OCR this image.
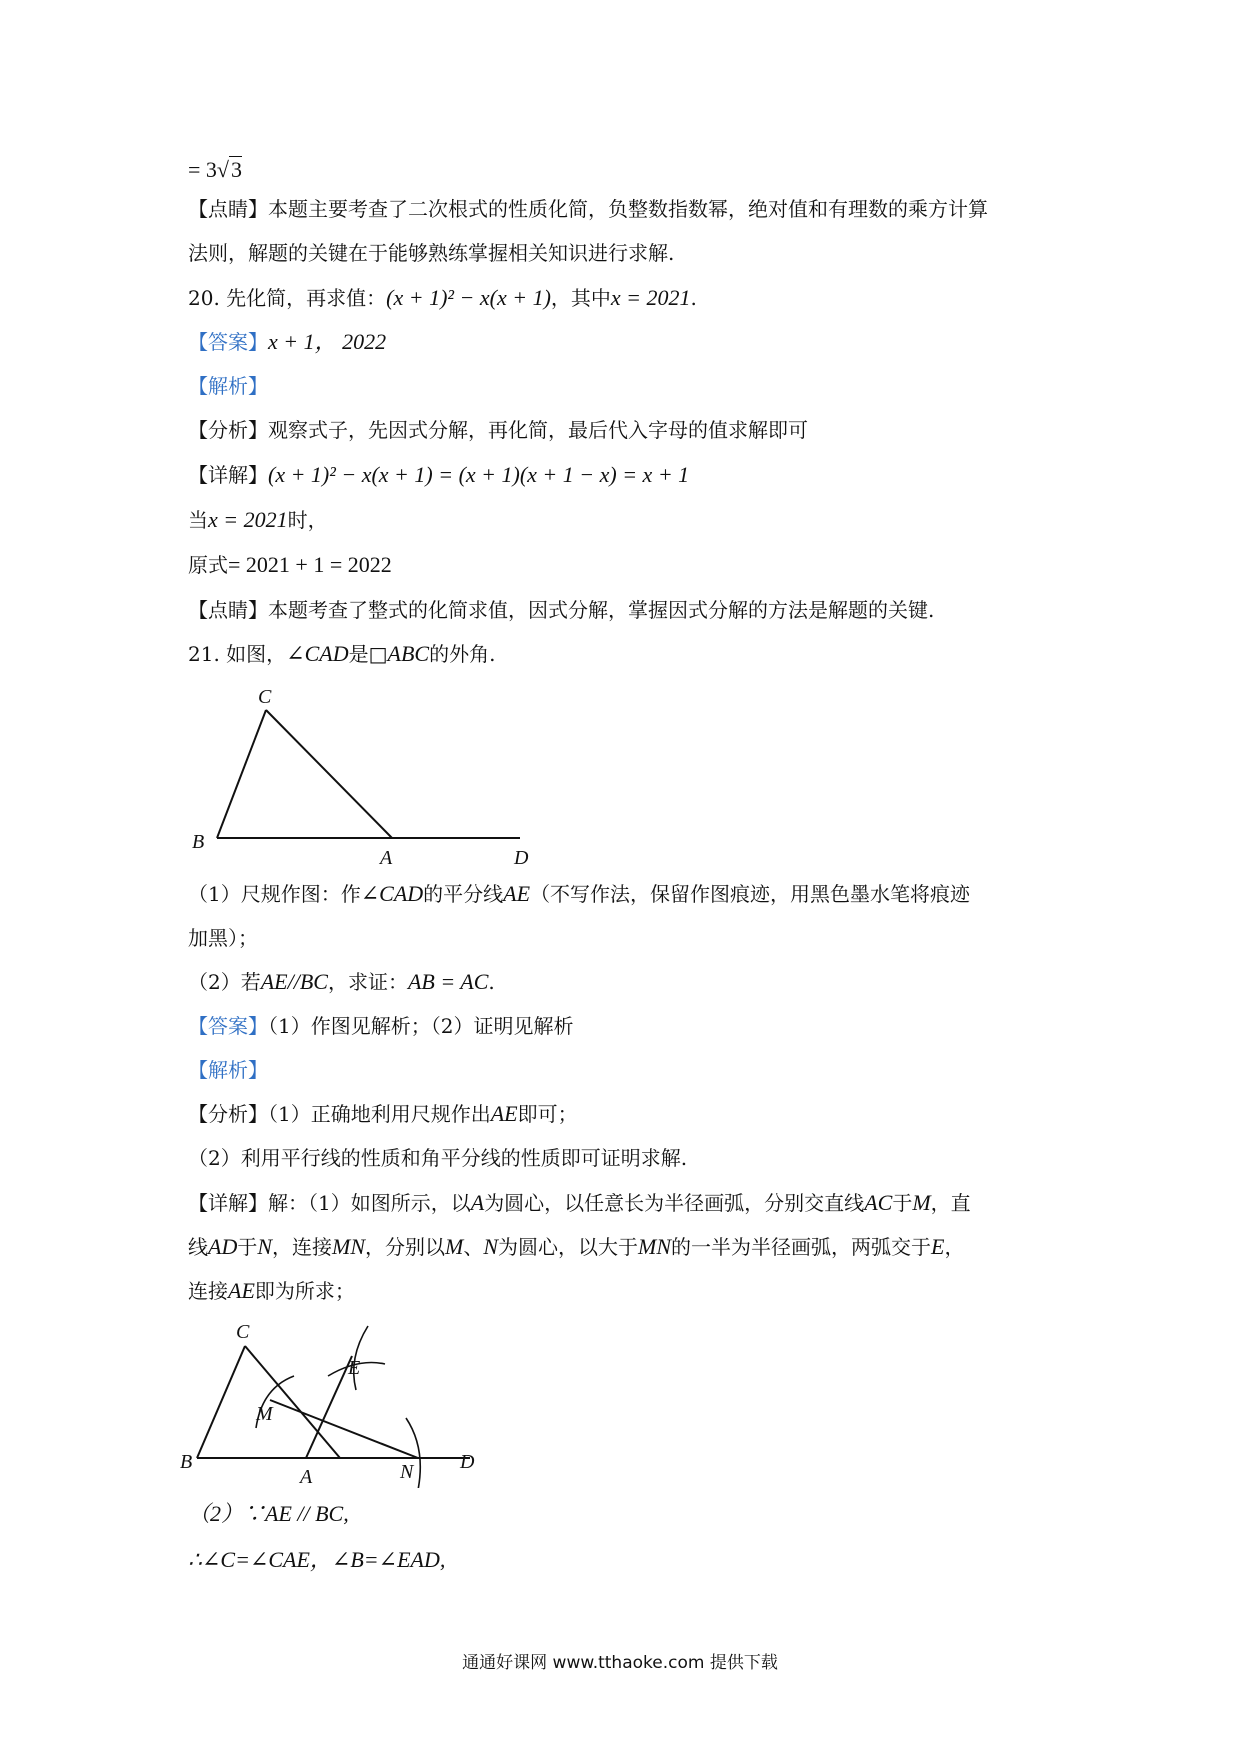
= 3√3
【点睛】本题主要考查了二次根式的性质化简，负整数指数幂，绝对值和有理数的乘方计算
法则，解题的关键在于能够熟练掌握相关知识进行求解.
20. 先化简，再求值：(x + 1)² − x(x + 1)，其中x = 2021.
【答案】x + 1， 2022
【解析】
【分析】观察式子，先因式分解，再化简，最后代入字母的值求解即可
【详解】(x + 1)² − x(x + 1) = (x + 1)(x + 1 − x) = x + 1
当x = 2021时，
原式= 2021 + 1 = 2022
【点睛】本题考查了整式的化简求值，因式分解，掌握因式分解的方法是解题的关键.
21. 如图，∠CAD是□ABC的外角.
C
B
A	D
（1）尺规作图：作∠CAD的平分线AE（不写作法，保留作图痕迹，用黑色墨水笔将痕迹
加黑）；
（2）若AE//BC，求证：AB = AC.
【答案】（1）作图见解析；（2）证明见解析
【解析】
【分析】（1）正确地利用尺规作出AE即可；
（2）利用平行线的性质和角平分线的性质即可证明求解.
【详解】解：（1）如图所示，以A为圆心，以任意长为半径画弧，分别交直线AC于M，直
线AD于N，连接MN，分别以M、N为圆心，以大于MN的一半为半径画弧，两弧交于E，
连接AE即为所求；
C
M
E
B
A	N D
（2）∵AE // BC,
∴∠C=∠CAE，∠B=∠EAD,
通通好课网 www.tthaoke.com 提供下载
